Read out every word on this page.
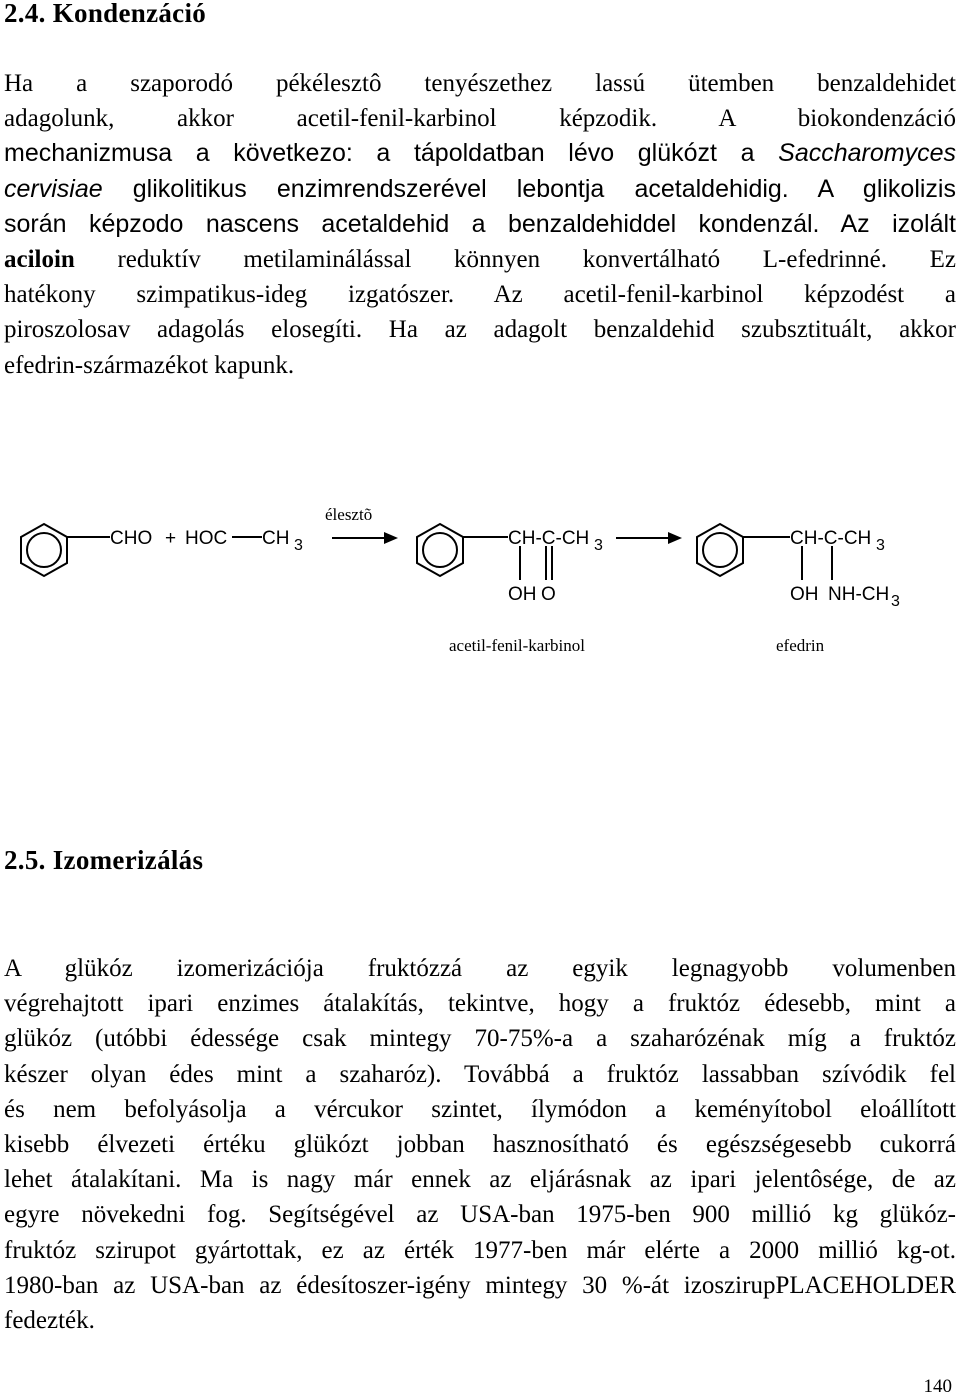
2.4. Kondenzáció
Ha a szaporodó pékélesztô tenyészethez lassú ütemben benzaldehidet
adagolunk, akkor acetil-fenil-karbinol képzodik. A biokondenzáció
mechanizmusa a következo: a tápoldatban lévo glükózt a Saccharomyces
cervisiae glikolitikus enzimrendszerével lebontja acetaldehidig. A glikolizis
során képzodo nascens acetaldehid a benzaldehiddel kondenzál. Az izolált
aciloin reduktív metilaminálással könnyen konvertálható L-efedrinné. Ez
hatékony szimpatikus-ideg izgatószer. Az acetil-fenil-karbinol képzodést a
piroszolosav adagolás elosegíti. Ha az adagolt benzaldehid szubsztituált, akkor
efedrin-származékot kapunk.
CHO + HOC CH 3	CH-C-CH 3
OH O
CH-C-CH 3
OH NH-CH 3
élesztõ
acetil-fenil-karbinol	efedrin
2.5. Izomerizálás
A glükóz izomerizációja fruktózzá az egyik legnagyobb volumenben
végrehajtott ipari enzimes átalakítás, tekintve, hogy a fruktóz édesebb, mint a
glükóz (utóbbi édessége csak mintegy 70-75%-a a szaharózénak míg a fruktóz
készer olyan édes mint a szaharóz). Továbbá a fruktóz lassabban szívódik fel
és nem befolyásolja a vércukor szintet, ílymódon a keményítobol eloállított
kisebb élvezeti értéku glükózt jobban hasznosítható és egészségesebb cukorrá
lehet átalakítani. Ma is nagy már ennek az eljárásnak az ipari jelentôsége, de az
egyre növekedni fog. Segítségével az USA-ban 1975-ben 900 millió kg glükóz-
fruktóz szirupot gyártottak, ez az érték 1977-ben már elérte a 2000 millió kg-ot.
1980-ban az USA-ban az édesítoszer-igény mintegy 30 %-át izoszirupPLACEHOLDER
fedezték.
140
